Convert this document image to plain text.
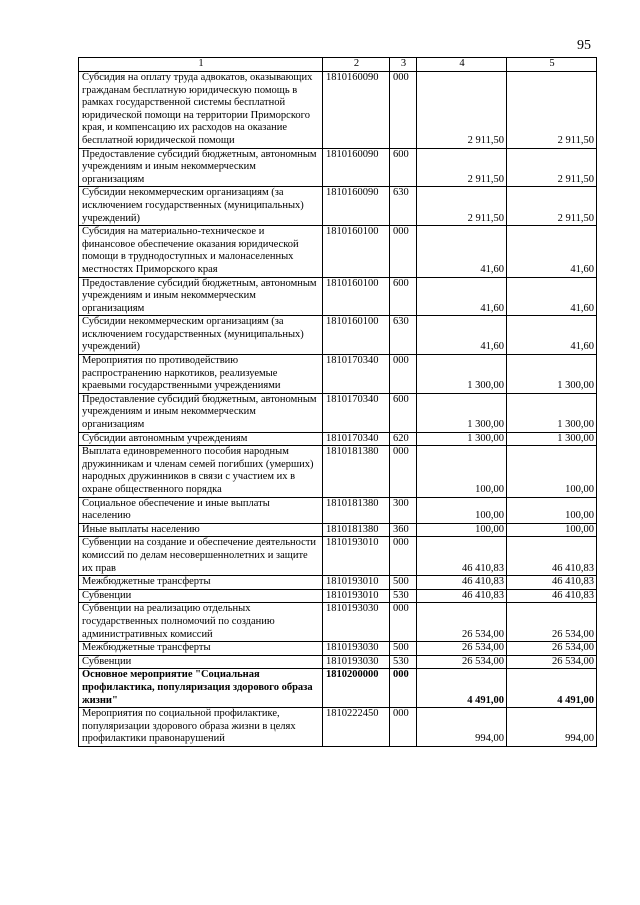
95
1	2	3	4	5
Субсидия на оплату труда адвокатов, оказывающих гражданам бесплатную юридическую помощь в рамках государственной системы бесплатной юридической помощи на территории Приморского края, и компенсацию их расходов на оказание бесплатной юридической помощи	1810160090	000	2 911,50	2 911,50
Предоставление субсидий бюджетным, автономным учреждениям и иным некоммерческим организациям	1810160090	600	2 911,50	2 911,50
Субсидии некоммерческим организациям (за исключением государственных (муниципальных) учреждений)	1810160090	630	2 911,50	2 911,50
Субсидия на материально-техническое и финансовое обеспечение оказания юридической помощи в труднодоступных и малонаселенных местностях Приморского края	1810160100	000	41,60	41,60
Предоставление субсидий бюджетным, автономным учреждениям и иным некоммерческим организациям	1810160100	600	41,60	41,60
Субсидии некоммерческим организациям (за исключением государственных (муниципальных) учреждений)	1810160100	630	41,60	41,60
Мероприятия по противодействию распространению наркотиков, реализуемые краевыми государственными учреждениями	1810170340	000	1 300,00	1 300,00
Предоставление субсидий бюджетным, автономным учреждениям и иным некоммерческим организациям	1810170340	600	1 300,00	1 300,00
Субсидии автономным учреждениям	1810170340	620	1 300,00	1 300,00
Выплата единовременного пособия народным дружинникам и членам семей погибших (умерших) народных дружинников в связи с участием их в охране общественного порядка	1810181380	000	100,00	100,00
Социальное обеспечение и иные выплаты населению	1810181380	300	100,00	100,00
Иные выплаты населению	1810181380	360	100,00	100,00
Субвенции на создание и обеспечение деятельности комиссий по делам несовершеннолетних и защите их прав	1810193010	000	46 410,83	46 410,83
Межбюджетные трансферты	1810193010	500	46 410,83	46 410,83
Субвенции	1810193010	530	46 410,83	46 410,83
Субвенции на реализацию отдельных государственных полномочий по созданию административных комиссий	1810193030	000	26 534,00	26 534,00
Межбюджетные трансферты	1810193030	500	26 534,00	26 534,00
Субвенции	1810193030	530	26 534,00	26 534,00
Основное мероприятие "Социальная профилактика, популяризация здорового образа жизни"	1810200000	000	4 491,00	4 491,00
Мероприятия по социальной профилактике, популяризации здорового образа жизни в целях профилактики правонарушений	1810222450	000	994,00	994,00
